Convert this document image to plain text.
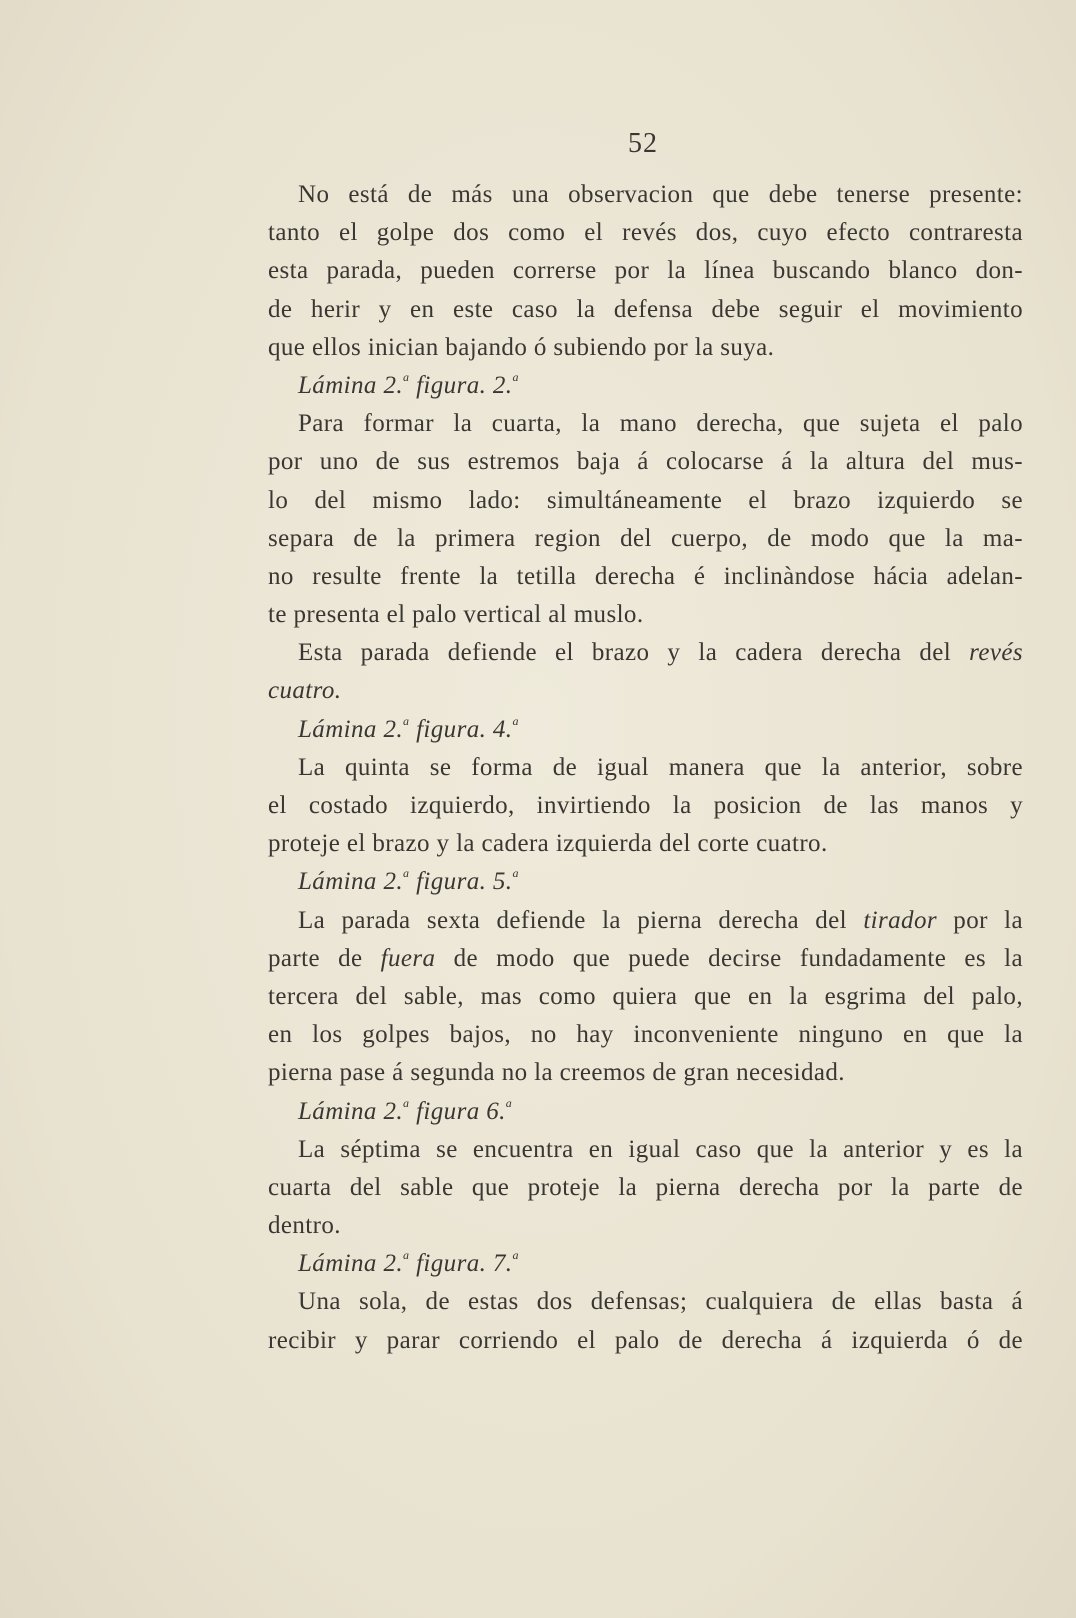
52
No está de más una observacion que debe tenerse presente:
tanto el golpe dos como el revés dos, cuyo efecto contraresta
esta parada, pueden correrse por la línea buscando blanco don-
de herir y en este caso la defensa debe seguir el movimiento
que ellos inician bajando ó subiendo por la suya.
Lámina 2.$^a$ figura. 2.$^a$
Para formar la cuarta, la mano derecha, que sujeta el palo
por uno de sus estremos baja á colocarse á la altura del mus-
lo del mismo lado: simultáneamente el brazo izquierdo se
separa de la primera region del cuerpo, de modo que la ma-
no resulte frente la tetilla derecha é inclinàndose hácia adelan-
te presenta el palo vertical al muslo.
Esta parada defiende el brazo y la cadera derecha del revés
cuatro.
Lámina 2.$^a$ figura. 4.$^a$
La quinta se forma de igual manera que la anterior, sobre
el costado izquierdo, invirtiendo la posicion de las manos y
proteje el brazo y la cadera izquierda del corte cuatro.
Lámina 2.$^a$ figura. 5.$^a$
La parada sexta defiende la pierna derecha del tirador por la
parte de fuera de modo que puede decirse fundadamente es la
tercera del sable, mas como quiera que en la esgrima del palo,
en los golpes bajos, no hay inconveniente ninguno en que la
pierna pase á segunda no la creemos de gran necesidad.
Lámina 2.$^a$ figura 6.$^a$
La séptima se encuentra en igual caso que la anterior y es la
cuarta del sable que proteje la pierna derecha por la parte de
dentro.
Lámina 2.$^a$ figura. 7.$^a$
Una sola, de estas dos defensas; cualquiera de ellas basta á
recibir y parar corriendo el palo de derecha á izquierda ó de
